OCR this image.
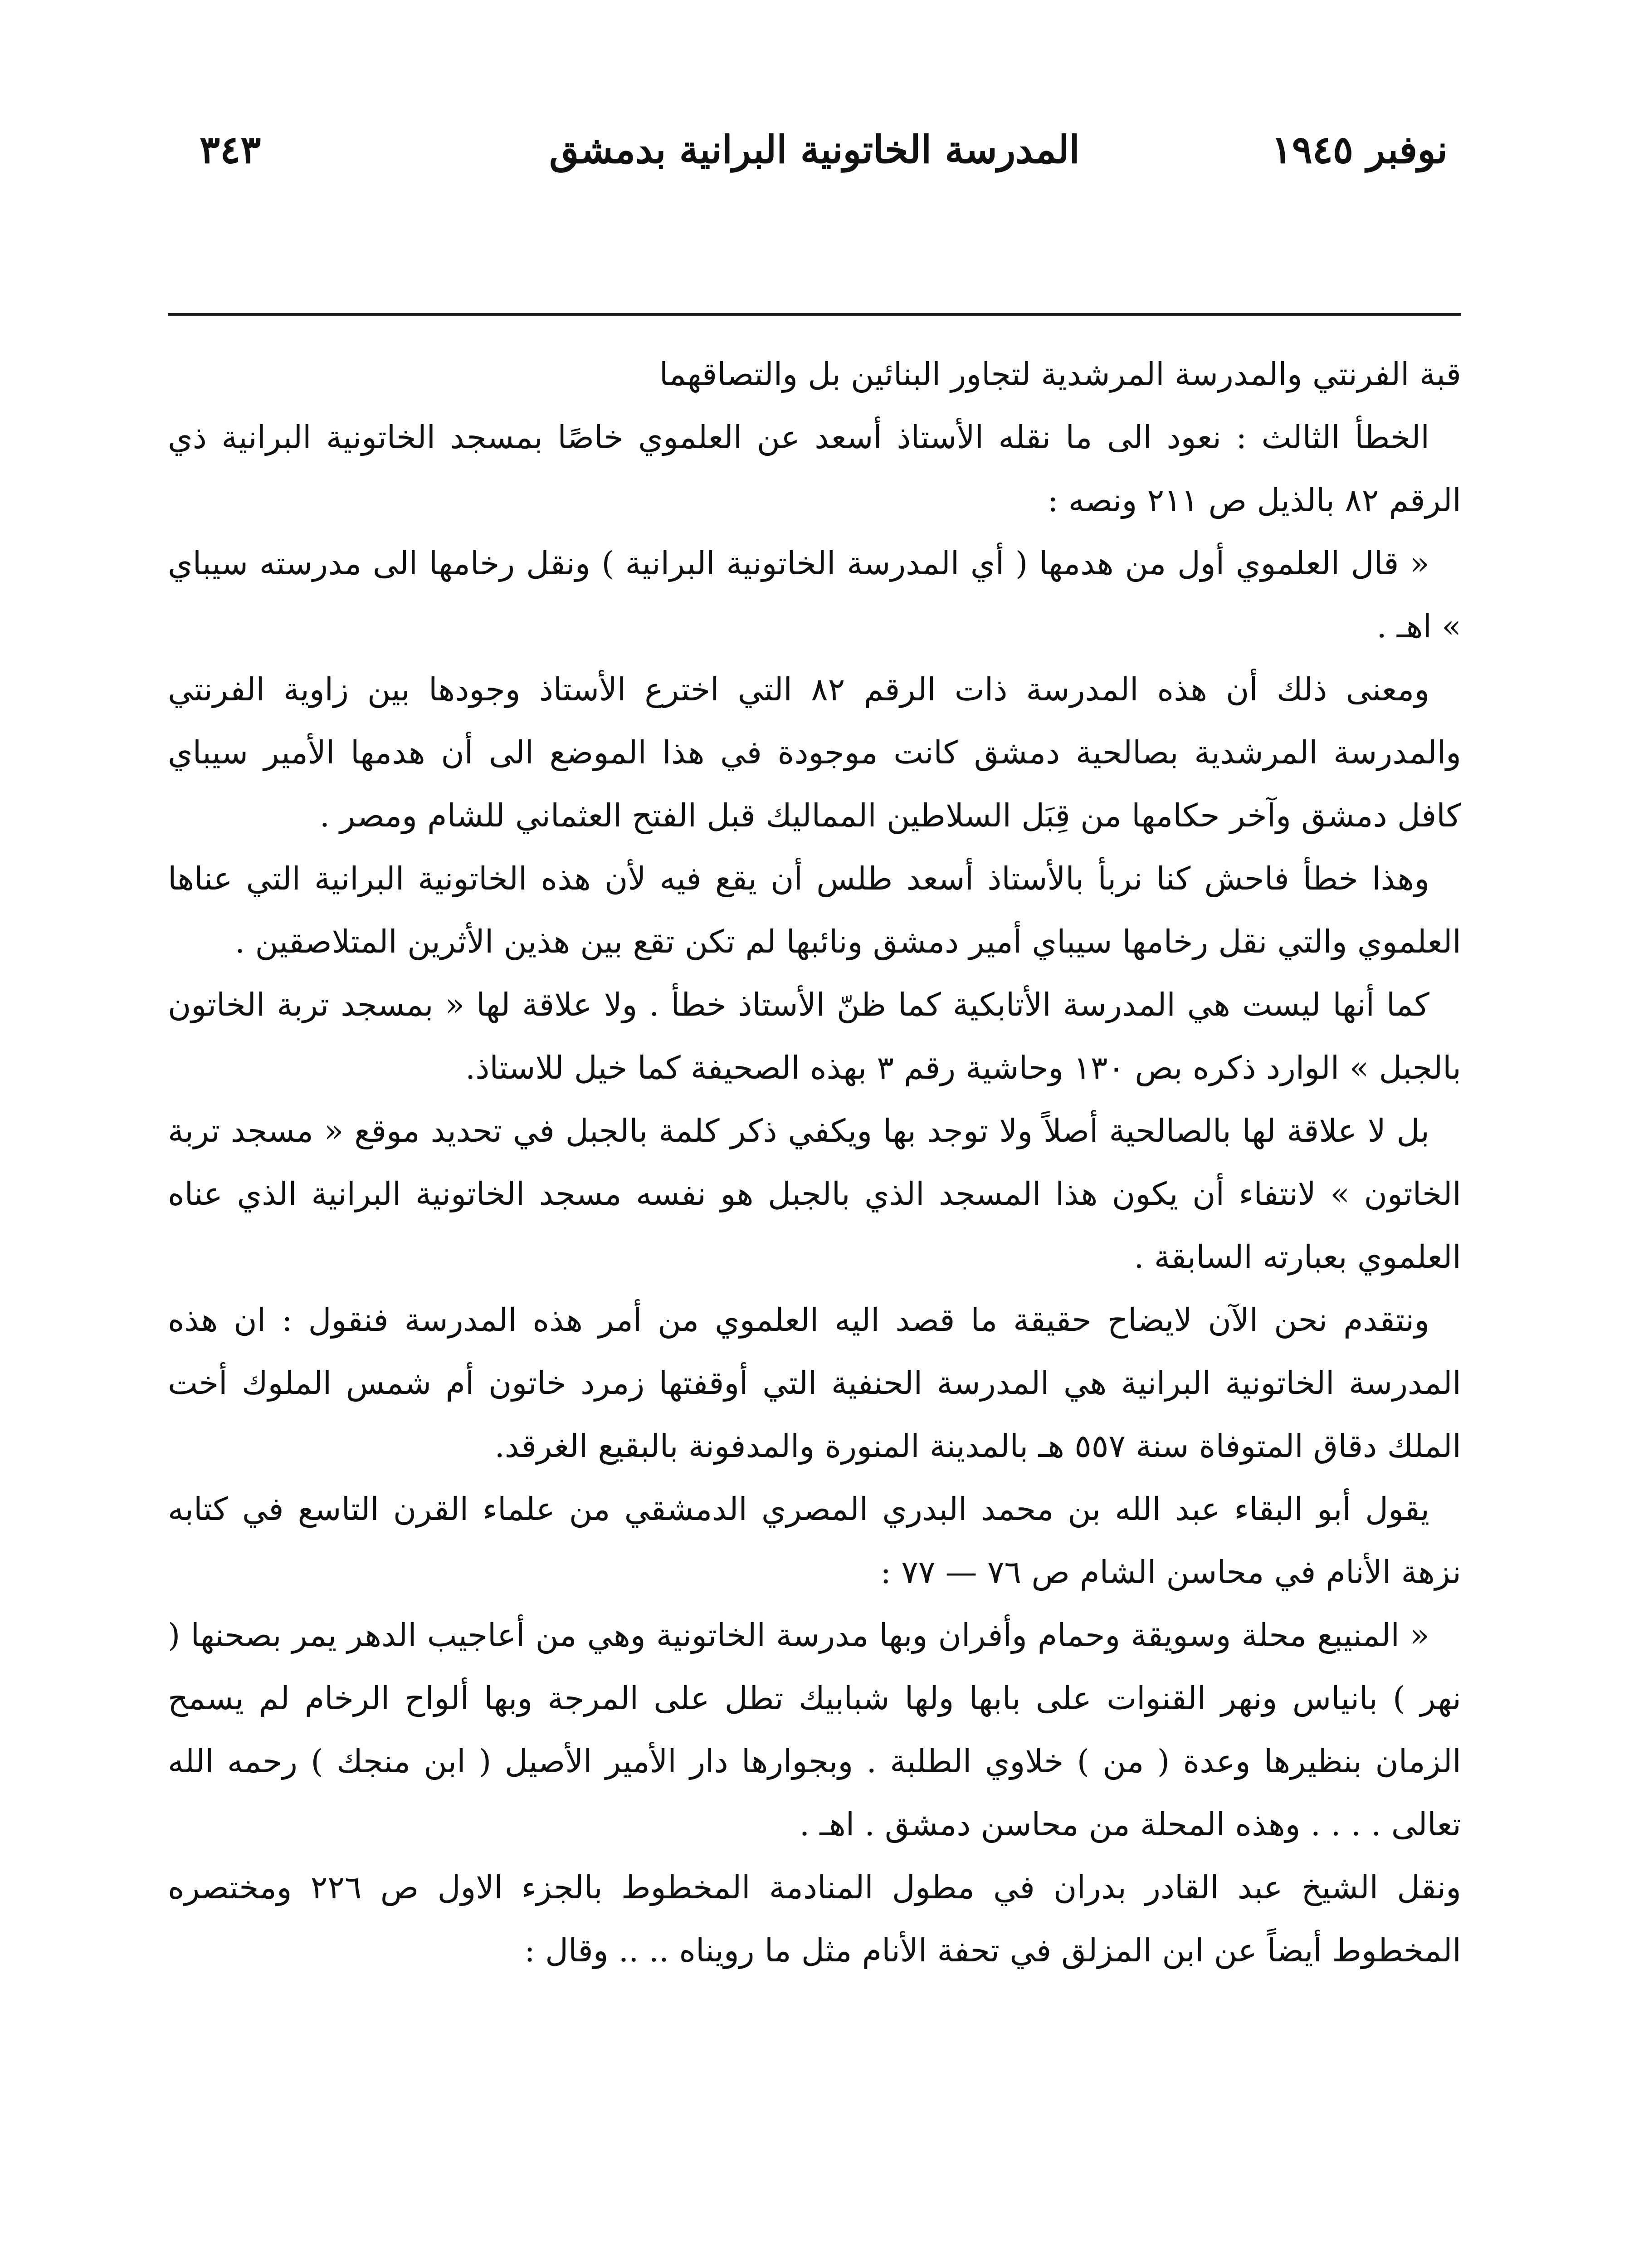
نوفبر ١٩٤٥
المدرسة الخاتونية البرانية بدمشق
٣٤٣

قبة الفرنتي والمدرسة المرشدية لتجاور البنائين بل والتصاقهما

الخطأ الثالث : نعود الى ما نقله الأستاذ أسعد عن العلموي خاصًا بمسجد الخاتونية البرانية ذي الرقم ٨٢ بالذيل ص ٢١١ ونصه :

« قال العلموي أول من هدمها ( أي المدرسة الخاتونية البرانية ) ونقل رخامها الى مدرسته سيباي » اهـ .

ومعنى ذلك أن هذه المدرسة ذات الرقم ٨٢ التي اخترع الأستاذ وجودها بين زاوية الفرنتي والمدرسة المرشدية بصالحية دمشق كانت موجودة في هذا الموضع الى أن هدمها الأمير سيباي كافل دمشق وآخر حكامها من قِبَل السلاطين المماليك قبل الفتح العثماني للشام ومصر .

وهذا خطأ فاحش كنا نربأ بالأستاذ أسعد طلس أن يقع فيه لأن هذه الخاتونية البرانية التي عناها العلموي والتي نقل رخامها سيباي أمير دمشق ونائبها لم تكن تقع بين هذين الأثرين المتلاصقين .

كما أنها ليست هي المدرسة الأتابكية كما ظنّ الأستاذ خطأ . ولا علاقة لها « بمسجد تربة الخاتون بالجبل » الوارد ذكره بص ١٣٠ وحاشية رقم ٣ بهذه الصحيفة كما خيل للاستاذ.

بل لا علاقة لها بالصالحية أصلاً ولا توجد بها ويكفي ذكر كلمة بالجبل في تحديد موقع « مسجد تربة الخاتون » لانتفاء أن يكون هذا المسجد الذي بالجبل هو نفسه مسجد الخاتونية البرانية الذي عناه العلموي بعبارته السابقة .

ونتقدم نحن الآن لايضاح حقيقة ما قصد اليه العلموي من أمر هذه المدرسة فنقول : ان هذه المدرسة الخاتونية البرانية هي المدرسة الحنفية التي أوقفتها زمرد خاتون أم شمس الملوك أخت الملك دقاق المتوفاة سنة ٥٥٧ هـ بالمدينة المنورة والمدفونة بالبقيع الغرقد.

يقول أبو البقاء عبد الله بن محمد البدري المصري الدمشقي من علماء القرن التاسع في كتابه نزهة الأنام في محاسن الشام ص ٧٦ — ٧٧ :

« المنيبع محلة وسويقة وحمام وأفران وبها مدرسة الخاتونية وهي من أعاجيب الدهر يمر بصحنها ( نهر ) بانياس ونهر القنوات على بابها ولها شبابيك تطل على المرجة وبها ألواح الرخام لم يسمح الزمان بنظيرها وعدة ( من ) خلاوي الطلبة . وبجوارها دار الأمير الأصيل ( ابن منجك ) رحمه الله تعالى . . . . وهذه المحلة من محاسن دمشق . اهـ .

ونقل الشيخ عبد القادر بدران في مطول المنادمة المخطوط بالجزء الاول ص ٢٢٦ ومختصره المخطوط أيضاً عن ابن المزلق في تحفة الأنام مثل ما رويناه .. .. وقال :
